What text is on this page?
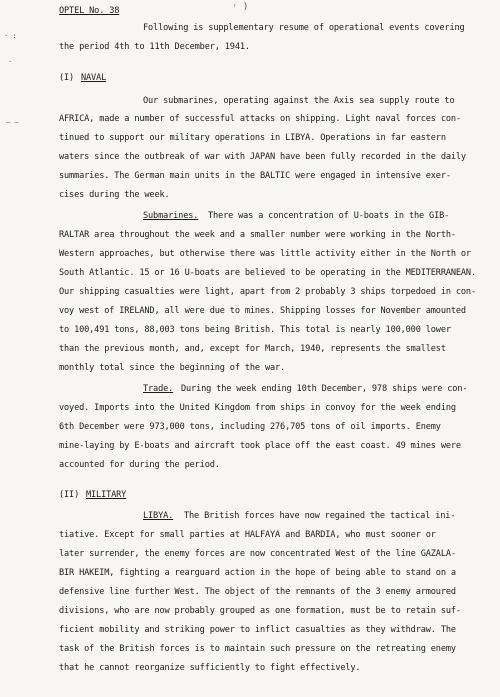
˒ )
· :
·
— —
OPTEL No. 38
Following is supplementary resume of operational events covering
the period 4th to 11th December, 1941.
(I) NAVAL
Our submarines, operating against the Axis sea supply route to
AFRICA, made a number of successful attacks on shipping. Light naval forces con-
tinued to support our military operations in LIBYA. Operations in far eastern
waters since the outbreak of war with JAPAN have been fully recorded in the daily
summaries. The German main units in the BALTIC were engaged in intensive exer-
cises during the week.
Submarines. There was a concentration of U-boats in the GIB-
RALTAR area throughout the week and a smaller number were working in the North-
Western approaches, but otherwise there was little activity either in the North or
South Atlantic. 15 or 16 U-boats are believed to be operating in the MEDITERRANEAN.
Our shipping casualties were light, apart from 2 probably 3 ships torpedoed in con-
voy west of IRELAND, all were due to mines. Shipping losses for November amounted
to 100,491 tons, 88,003 tons being British. This total is nearly 100,000 lower
than the previous month, and, except for March, 1940, represents the smallest
monthly total since the beginning of the war.
Trade. During the week ending 10th December, 978 ships were con-
voyed. Imports into the United Kingdom from ships in convoy for the week ending
6th December were 973,000 tons, including 276,705 tons of oil imports. Enemy
mine-laying by E-boats and aircraft took place off the east coast. 49 mines were
accounted for during the period.
(II) MILITARY
LIBYA. The British forces have now regained the tactical ini-
tiative. Except for small parties at HALFAYA and BARDIA, who must sooner or
later surrender, the enemy forces are now concentrated West of the line GAZALA-
BIR HAKEIM, fighting a rearguard action in the hope of being able to stand on a
defensive line further West. The object of the remnants of the 3 enemy armoured
divisions, who are now probably grouped as one formation, must be to retain suf-
ficient mobility and striking power to inflict casualties as they withdraw. The
task of the British forces is to maintain such pressure on the retreating enemy
that he cannot reorganize sufficiently to fight effectively.
